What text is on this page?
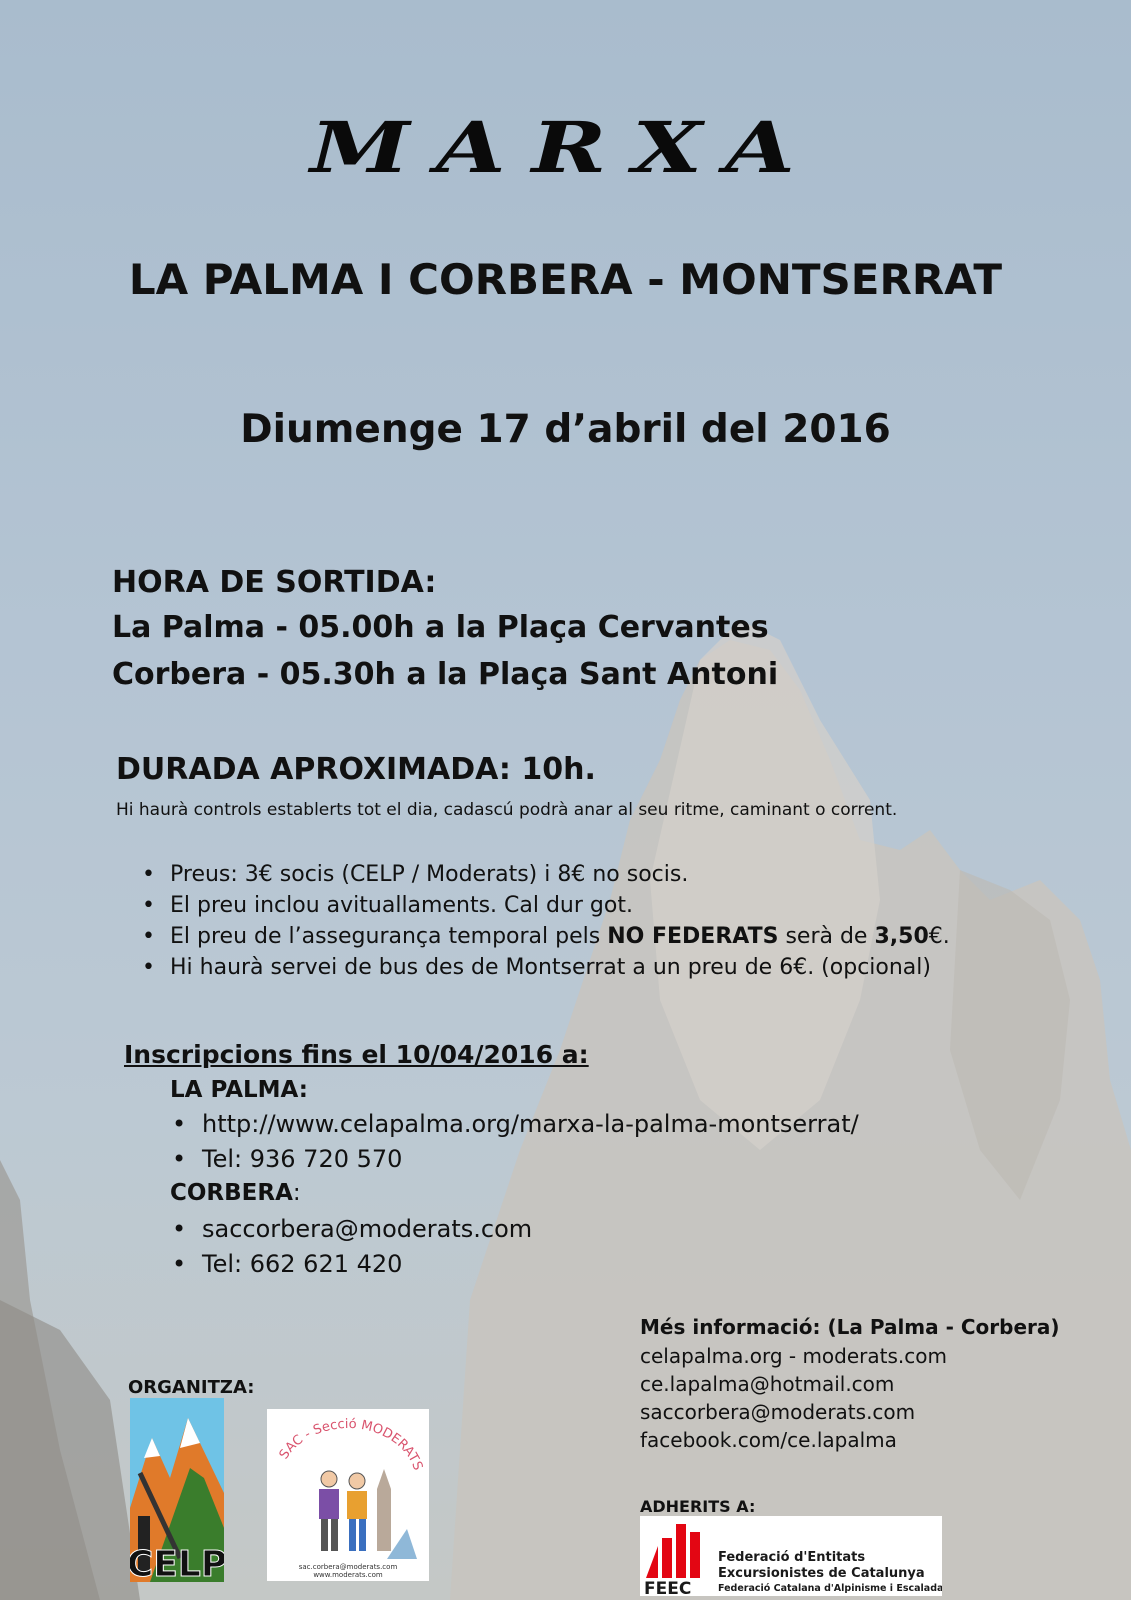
MARXA
LA PALMA I CORBERA - MONTSERRAT
Diumenge 17 d’abril del 2016
HORA DE SORTIDA:
La Palma - 05.00h a la Plaça Cervantes
Corbera - 05.30h a la Plaça Sant Antoni
DURADA APROXIMADA: 10h.
Hi haurà controls establerts tot el dia, cadascú podrà anar al seu ritme, caminant o corrent.
• Preus: 3€ socis (CELP / Moderats) i 8€ no socis.
• El preu inclou avituallaments. Cal dur got.
• El preu de l’assegurança temporal pels NO FEDERATS serà de 3,50€.
• Hi haurà servei de bus des de Montserrat a un preu de 6€. (opcional)
Inscripcions fins el 10/04/2016 a:
LA PALMA:
• http://www.celapalma.org/marxa-la-palma-montserrat/
• Tel: 936 720 570
CORBERA:
• saccorbera@moderats.com
• Tel: 662 621 420
Més informació: (La Palma - Corbera)
celapalma.org - moderats.com
ce.lapalma@hotmail.com
saccorbera@moderats.com
facebook.com/ce.lapalma
ORGANITZA:
ADHERITS A:
CELP
SAC - Secció MODERATS
sac.corbera@moderats.com
www.moderats.com
FEEC
Federació d'Entitats
Excursionistes de Catalunya
Federació Catalana d'Alpinisme i Escalada
